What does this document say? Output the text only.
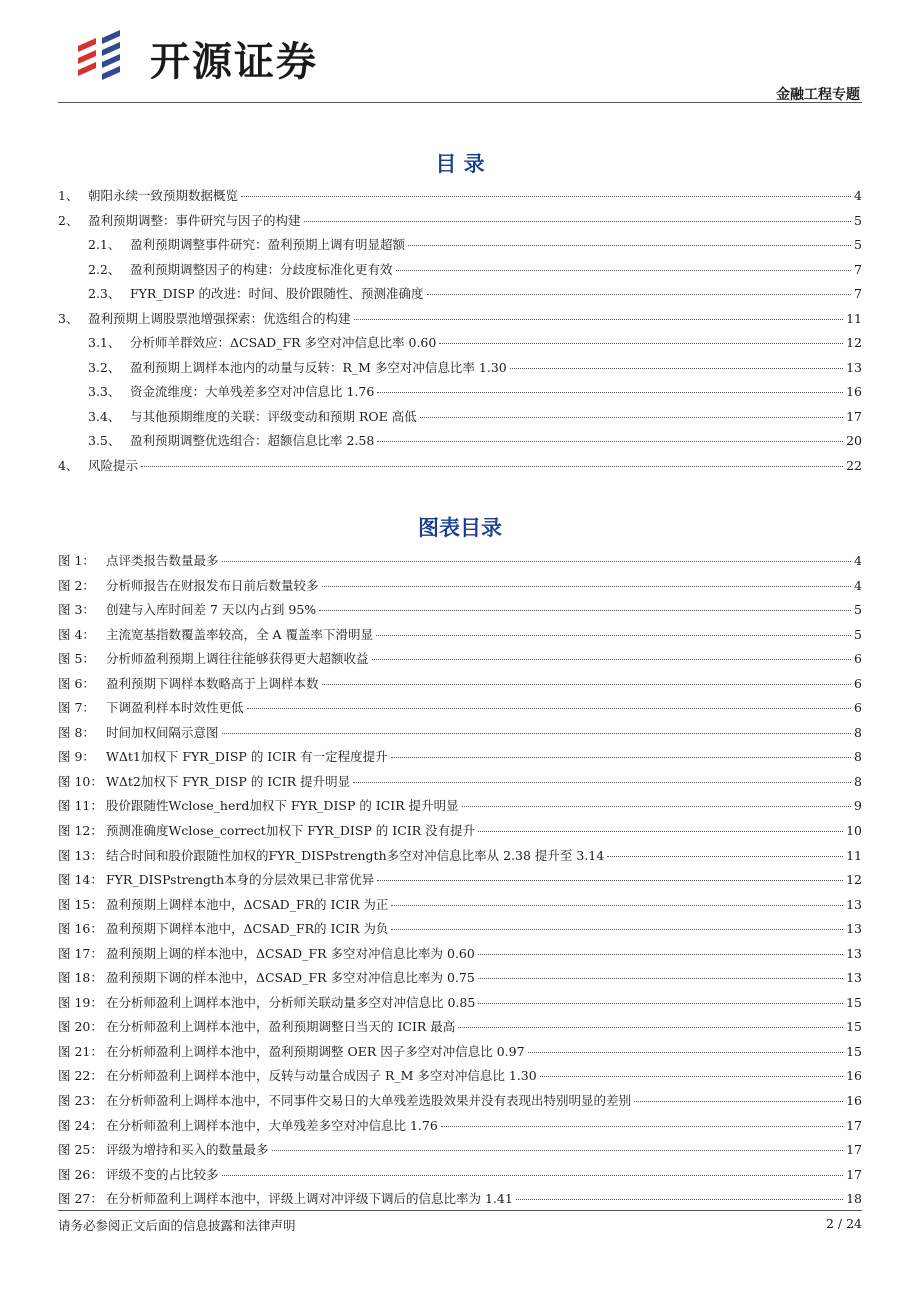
开源证券
金融工程专题
目 录
1、 朝阳永续一致预期数据概览	4
2、 盈利预期调整：事件研究与因子的构建	5
2.1、 盈利预期调整事件研究：盈利预期上调有明显超额	5
2.2、 盈利预期调整因子的构建：分歧度标准化更有效	7
2.3、 FYR_DISP 的改进：时间、股价跟随性、预测准确度	7
3、 盈利预期上调股票池增强探索：优选组合的构建	11
3.1、 分析师羊群效应：ΔCSAD_FR 多空对冲信息比率 0.60	12
3.2、 盈利预期上调样本池内的动量与反转：R_M 多空对冲信息比率 1.30	13
3.3、 资金流维度：大单残差多空对冲信息比 1.76	16
3.4、 与其他预期维度的关联：评级变动和预期 ROE 高低	17
3.5、 盈利预期调整优选组合：超额信息比率 2.58	20
4、 风险提示	22
图表目录
图 1： 点评类报告数量最多	4
图 2： 分析师报告在财报发布日前后数量较多	4
图 3： 创建与入库时间差 7 天以内占到 95%	5
图 4： 主流宽基指数覆盖率较高，全 A 覆盖率下滑明显	5
图 5： 分析师盈利预期上调往往能够获得更大超额收益	6
图 6： 盈利预期下调样本数略高于上调样本数	6
图 7： 下调盈利样本时效性更低	6
图 8： 时间加权间隔示意图	8
图 9： WΔt1加权下 FYR_DISP 的 ICIR 有一定程度提升	8
图 10： WΔt2加权下 FYR_DISP 的 ICIR 提升明显	8
图 11： 股价跟随性Wclose_herd加权下 FYR_DISP 的 ICIR 提升明显	9
图 12： 预测准确度Wclose_correct加权下 FYR_DISP 的 ICIR 没有提升	10
图 13： 结合时间和股价跟随性加权的FYR_DISPstrength多空对冲信息比率从 2.38 提升至 3.14	11
图 14： FYR_DISPstrength本身的分层效果已非常优异	12
图 15： 盈利预期上调样本池中，ΔCSAD_FR的 ICIR 为正	13
图 16： 盈利预期下调样本池中，ΔCSAD_FR的 ICIR 为负	13
图 17： 盈利预期上调的样本池中，ΔCSAD_FR 多空对冲信息比率为 0.60	13
图 18： 盈利预期下调的样本池中，ΔCSAD_FR 多空对冲信息比率为 0.75	13
图 19： 在分析师盈利上调样本池中，分析师关联动量多空对冲信息比 0.85	15
图 20： 在分析师盈利上调样本池中，盈利预期调整日当天的 ICIR 最高	15
图 21： 在分析师盈利上调样本池中，盈利预期调整 OER 因子多空对冲信息比 0.97	15
图 22： 在分析师盈利上调样本池中，反转与动量合成因子 R_M 多空对冲信息比 1.30	16
图 23： 在分析师盈利上调样本池中，不同事件交易日的大单残差选股效果并没有表现出特别明显的差别	16
图 24： 在分析师盈利上调样本池中，大单残差多空对冲信息比 1.76	17
图 25： 评级为增持和买入的数量最多	17
图 26： 评级不变的占比较多	17
图 27： 在分析师盈利上调样本池中，评级上调对冲评级下调后的信息比率为 1.41	18
请务必参阅正文后面的信息披露和法律声明	2 / 24
